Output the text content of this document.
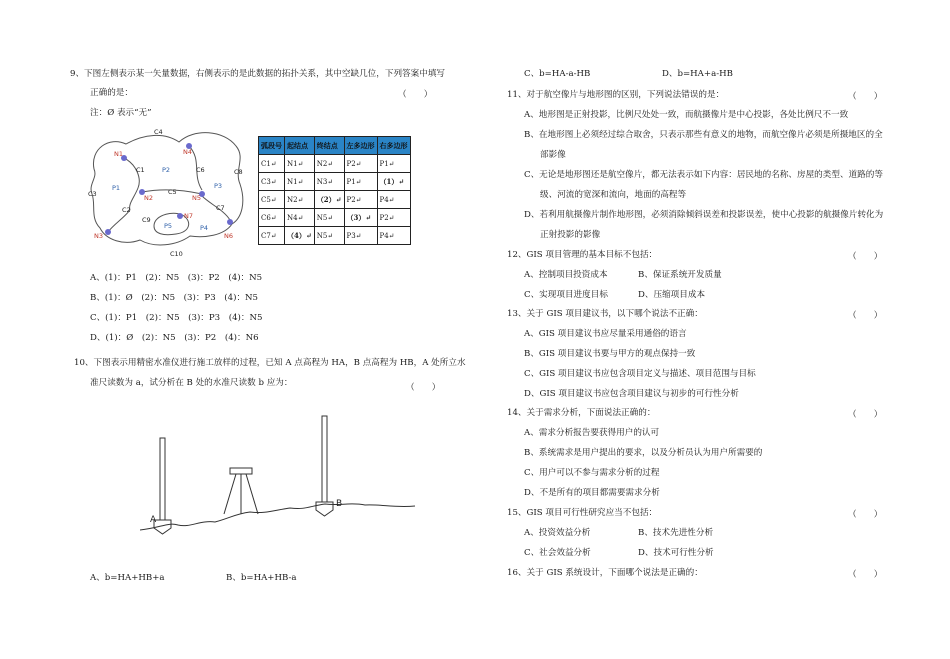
9、下图左侧表示某一矢量数据，右侧表示的是此数据的拓扑关系，其中空缺几位，下列答案中填写
正确的是：	（　　）
注：Ø 表示“无”
C4
N1	N4
C1	P2	C6	C8
C3
P1	C5
P3
N2	N5
C2	C7
C9	N7
P5	P4
N3	N6
C10
弧段号	起结点	终结点	左多边形	右多边形
C1↵	N1↵	N2↵	P2↵	P1↵
C3↵	N1↵	N3↵	P1↵	（1）↵
C5↵	N2↵	（2）↵	P2↵	P4↵
C6↵	N4↵	N5↵	（3）↵	P2↵
C7↵	（4）↵	N5↵	P3↵	P4↵
A、(1)：P1　(2)：N5　(3)：P2　(4)：N5
B、(1)：Ø　(2)：N5　(3)：P3　(4)：N5
C、(1)：P1　(2)：N5　(3)：P3　(4)：N5
D、(1)：Ø　(2)：N5　(3)：P2　(4)：N6
10、下图表示用精密水准仪进行施工放样的过程，已知 A 点高程为 HA，B 点高程为 HB，A 处所立水
准尺读数为 a，试分析在 B 处的水准尺读数 b 应为：	（　　）
A
B
A、b=HA+HB+a	B、b=HA+HB-a
C、b=HA-a-HB	D、b=HA+a-HB
11、对于航空像片与地形图的区别，下列说法错误的是：	（　　）
A、地形图是正射投影，比例尺处处一致，而航摄像片是中心投影，各处比例尺不一致
B、在地形图上必须经过综合取舍，只表示那些有意义的地物，而航空像片必须是所摄地区的全
部影像
C、无论是地形图还是航空像片，都无法表示如下内容：居民地的名称、房屋的类型、道路的等
级、河流的宽深和流向，地面的高程等
D、若利用航摄像片制作地形图，必须消除倾斜误差和投影误差，使中心投影的航摄像片转化为
正射投影的影像
12、GIS 项目管理的基本目标不包括：	（　　）
A、控制项目投资成本	B、保证系统开发质量
C、实现项目进度目标	D、压缩项目成本
13、关于 GIS 项目建议书，以下哪个说法不正确：	（　　）
A、GIS 项目建议书应尽量采用通俗的语言
B、GIS 项目建议书要与甲方的观点保持一致
C、GIS 项目建议书应包含项目定义与描述、项目范围与目标
D、GIS 项目建议书应包含项目建议与初步的可行性分析
14、关于需求分析，下面说法正确的：	（　　）
A、需求分析报告要获得用户的认可
B、系统需求是用户提出的要求，以及分析员认为用户所需要的
C、用户可以不参与需求分析的过程
D、不是所有的项目都需要需求分析
15、GIS 项目可行性研究应当不包括：	（　　）
A、投资效益分析	B、技术先进性分析
C、社会效益分析	D、技术可行性分析
16、关于 GIS 系统设计，下面哪个说法是正确的：	（　　）
